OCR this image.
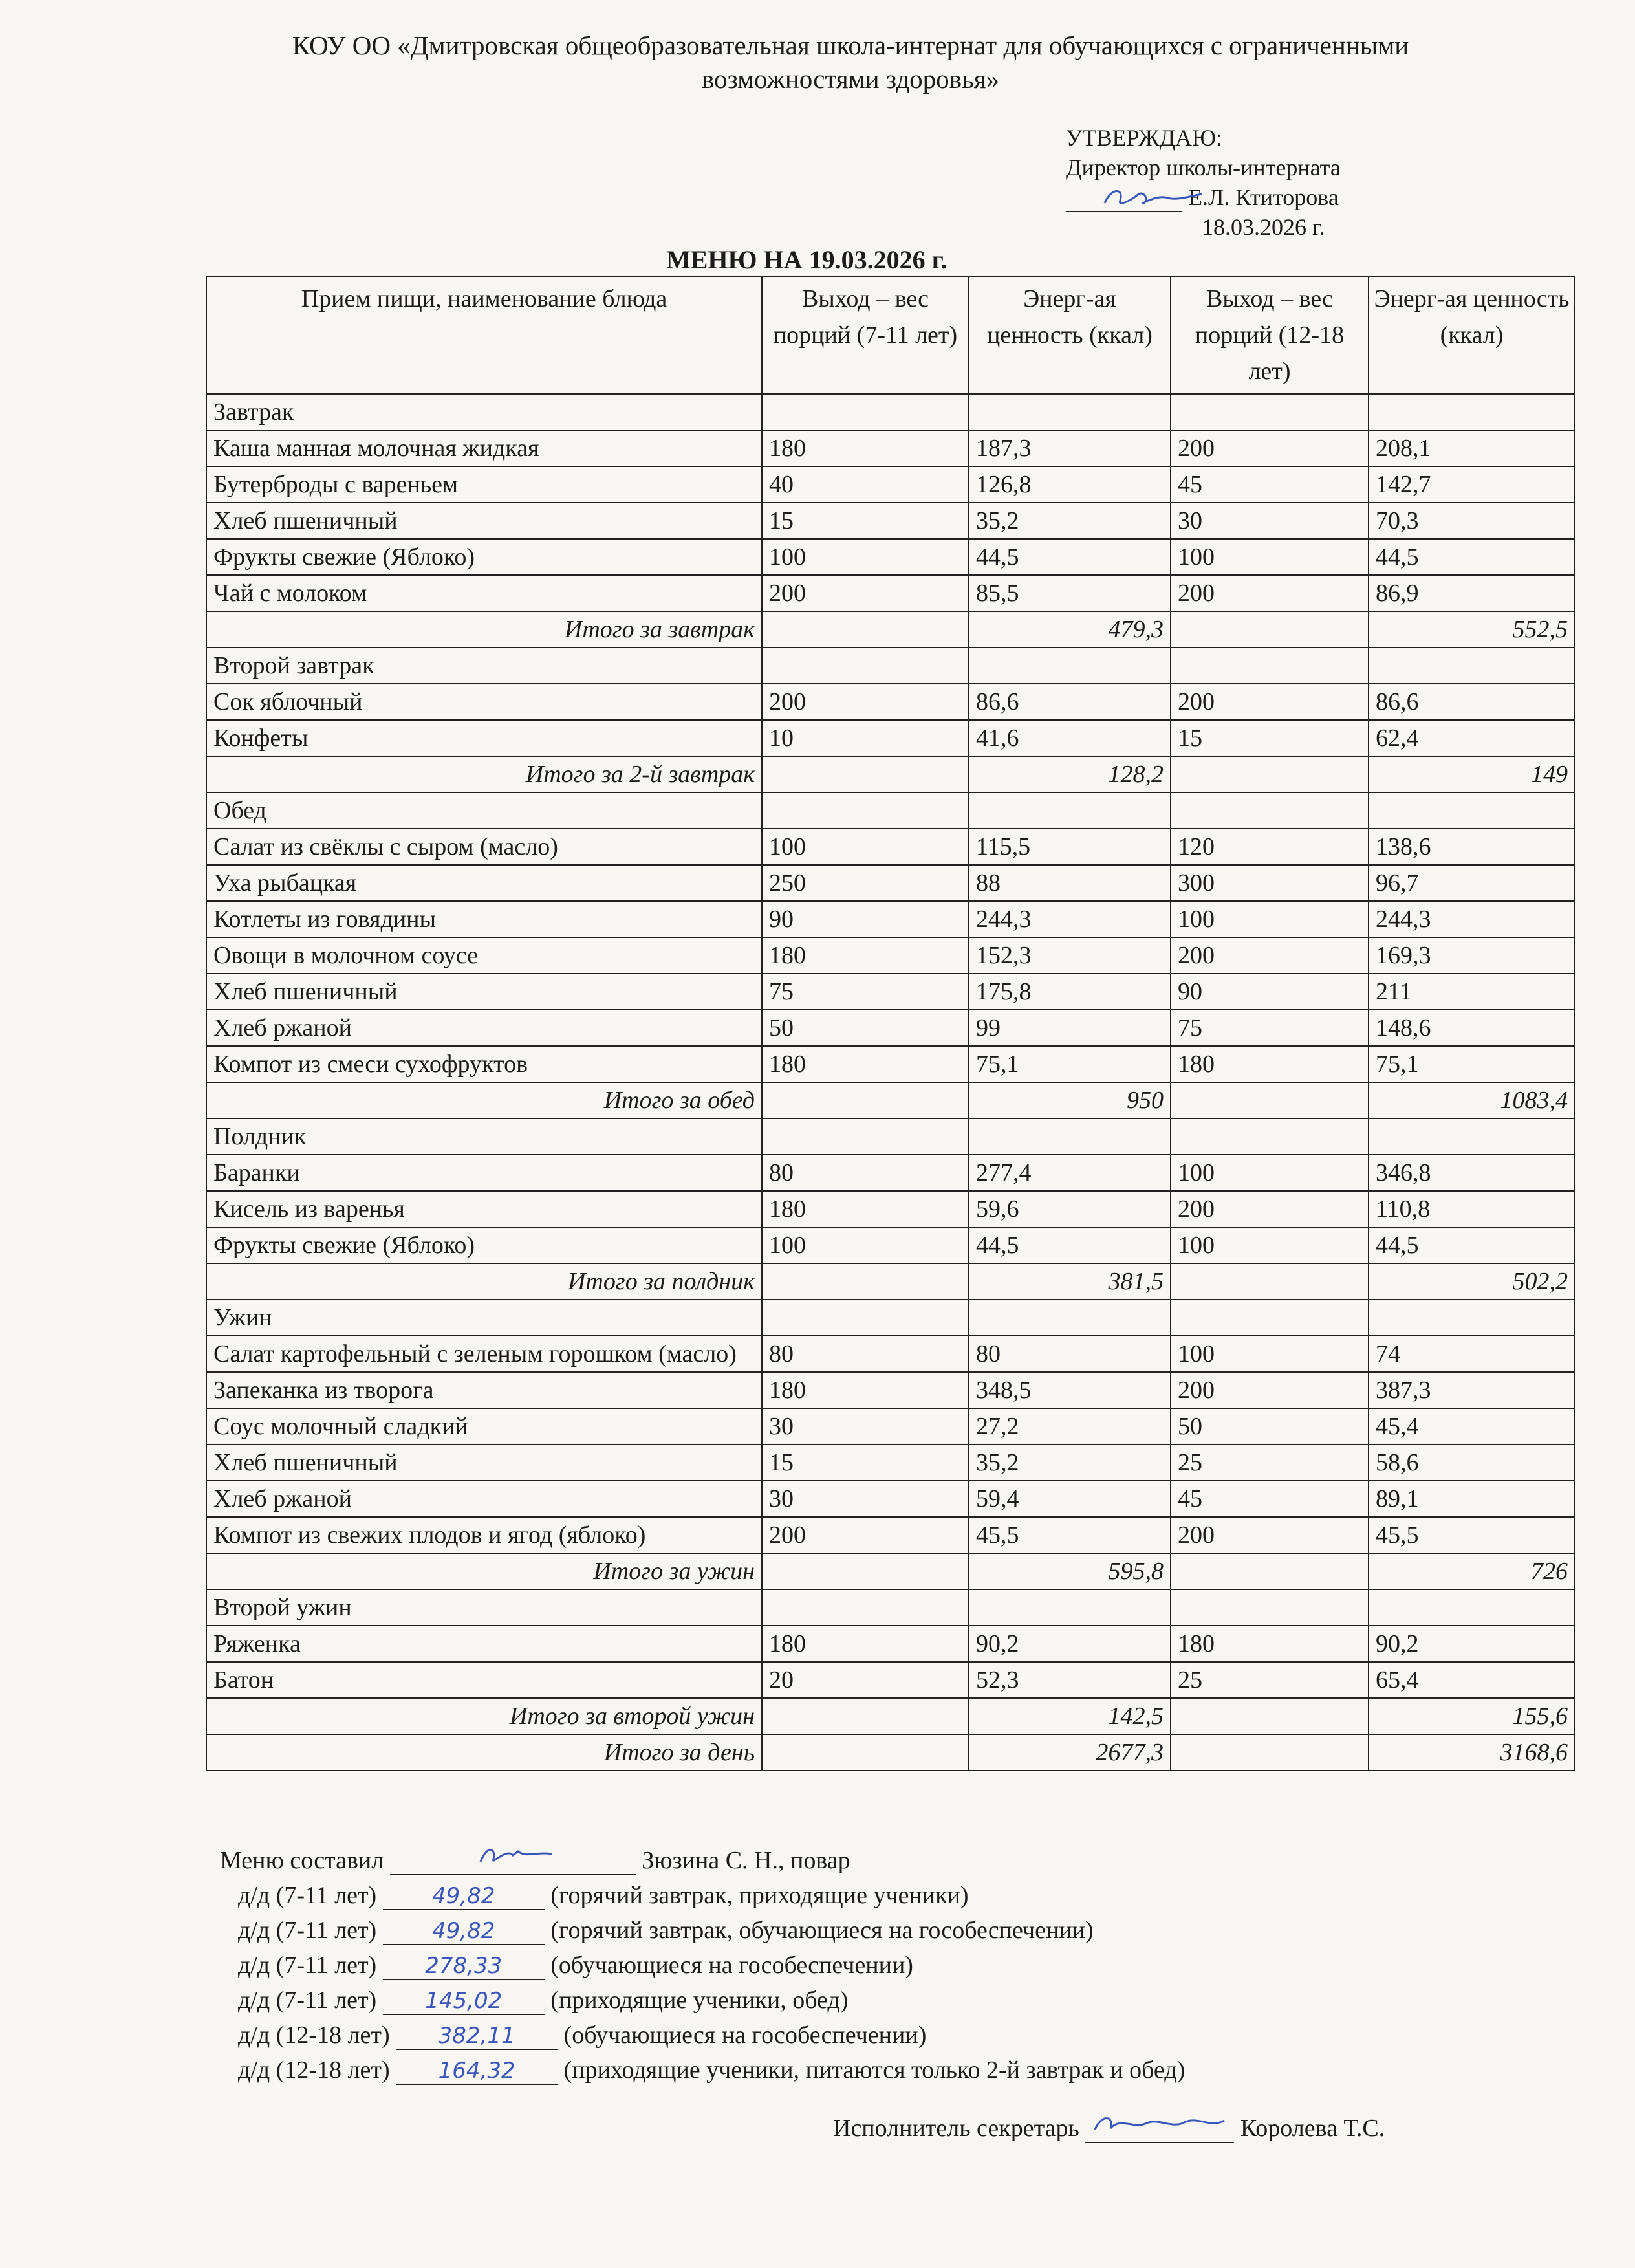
КОУ ОО «Дмитровская общеобразовательная школа-интернат для обучающихся с ограниченными
возможностями здоровья»
УТВЕРЖДАЮ:
Директор школы-интерната
Е.Л. Ктиторова
18.03.2026 г.
МЕНЮ НА 19.03.2026 г.
Прием пищи, наименование блюда	Выход – вес порций (7-11 лет)	Энерг-ая ценность (ккал)	Выход – вес порций (12-18 лет)	Энерг-ая ценность (ккал)
Завтрак				
Каша манная молочная жидкая	180	187,3	200	208,1
Бутерброды с вареньем	40	126,8	45	142,7
Хлеб пшеничный	15	35,2	30	70,3
Фрукты свежие (Яблоко)	100	44,5	100	44,5
Чай с молоком	200	85,5	200	86,9
Итого за завтрак		479,3		552,5
Второй завтрак				
Сок яблочный	200	86,6	200	86,6
Конфеты	10	41,6	15	62,4
Итого за 2-й завтрак		128,2		149
Обед				
Салат из свёклы с сыром (масло)	100	115,5	120	138,6
Уха рыбацкая	250	88	300	96,7
Котлеты из говядины	90	244,3	100	244,3
Овощи в молочном соусе	180	152,3	200	169,3
Хлеб пшеничный	75	175,8	90	211
Хлеб ржаной	50	99	75	148,6
Компот из смеси сухофруктов	180	75,1	180	75,1
Итого за обед		950		1083,4
Полдник				
Баранки	80	277,4	100	346,8
Кисель из варенья	180	59,6	200	110,8
Фрукты свежие (Яблоко)	100	44,5	100	44,5
Итого за полдник		381,5		502,2
Ужин				
Салат картофельный с зеленым горошком (масло)	80	80	100	74
Запеканка из творога	180	348,5	200	387,3
Соус молочный сладкий	30	27,2	50	45,4
Хлеб пшеничный	15	35,2	25	58,6
Хлеб ржаной	30	59,4	45	89,1
Компот из свежих плодов и ягод (яблоко)	200	45,5	200	45,5
Итого за ужин		595,8		726
Второй ужин				
Ряженка	180	90,2	180	90,2
Батон	20	52,3	25	65,4
Итого за второй ужин		142,5		155,6
Итого за день		2677,3		3168,6
Меню составил	Зюзина С. Н., повар
д/д (7-11 лет)	49,82 (горячий завтрак, приходящие ученики)
д/д (7-11 лет)	49,82 (горячий завтрак, обучающиеся на гособеспечении)
д/д (7-11 лет) 278,33 (обучающиеся на гособеспечении)
д/д (7-11 лет) 145,02 (приходящие ученики, обед)
д/д (12-18 лет) 382,11 (обучающиеся на гособеспечении)
д/д (12-18 лет) 164,32 (приходящие ученики, питаются только 2-й завтрак и обед)
Исполнитель секретарь	Королева Т.С.
